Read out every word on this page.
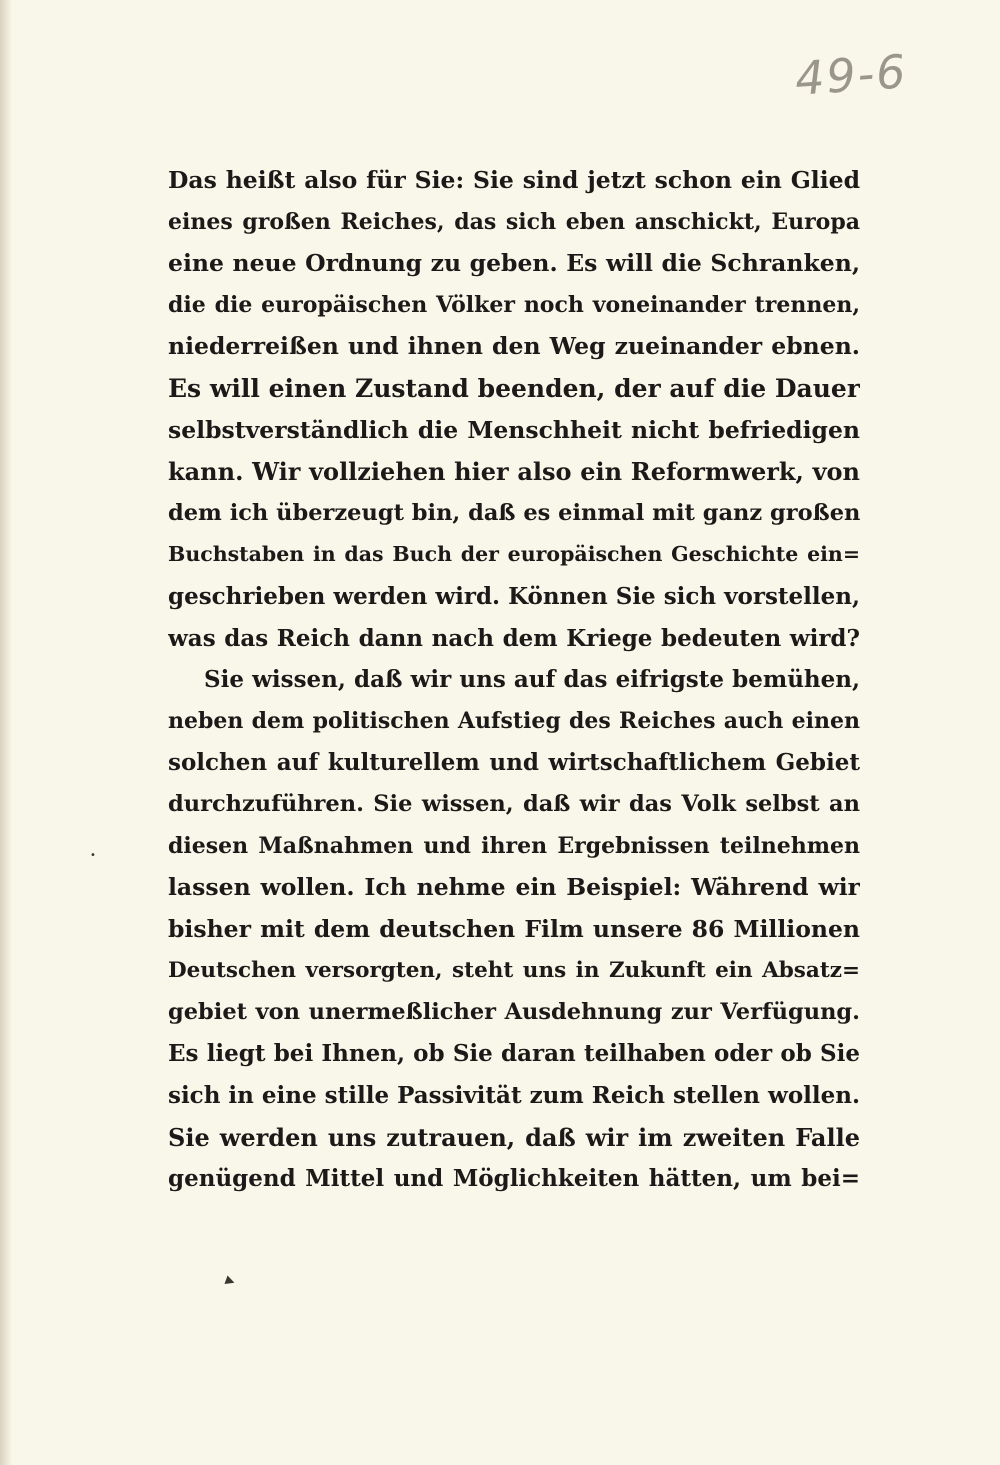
49-6
Das heißt also für Sie: Sie sind jetzt schon ein Glied
eines großen Reiches, das sich eben anschickt, Europa
eine neue Ordnung zu geben. Es will die Schranken,
die die europäischen Völker noch voneinander trennen,
niederreißen und ihnen den Weg zueinander ebnen.
Es will einen Zustand beenden, der auf die Dauer
selbstverständlich die Menschheit nicht befriedigen
kann. Wir vollziehen hier also ein Reformwerk, von
dem ich überzeugt bin, daß es einmal mit ganz großen
Buchstaben in das Buch der europäischen Geschichte ein=
geschrieben werden wird. Können Sie sich vorstellen,
was das Reich dann nach dem Kriege bedeuten wird?
Sie wissen, daß wir uns auf das eifrigste bemühen,
neben dem politischen Aufstieg des Reiches auch einen
solchen auf kulturellem und wirtschaftlichem Gebiet
durchzuführen. Sie wissen, daß wir das Volk selbst an
diesen Maßnahmen und ihren Ergebnissen teilnehmen
lassen wollen. Ich nehme ein Beispiel: Während wir
bisher mit dem deutschen Film unsere 86 Millionen
Deutschen versorgten, steht uns in Zukunft ein Absatz=
gebiet von unermeßlicher Ausdehnung zur Verfügung.
Es liegt bei Ihnen, ob Sie daran teilhaben oder ob Sie
sich in eine stille Passivität zum Reich stellen wollen.
Sie werden uns zutrauen, daß wir im zweiten Falle
genügend Mittel und Möglichkeiten hätten, um bei=
•
▸
